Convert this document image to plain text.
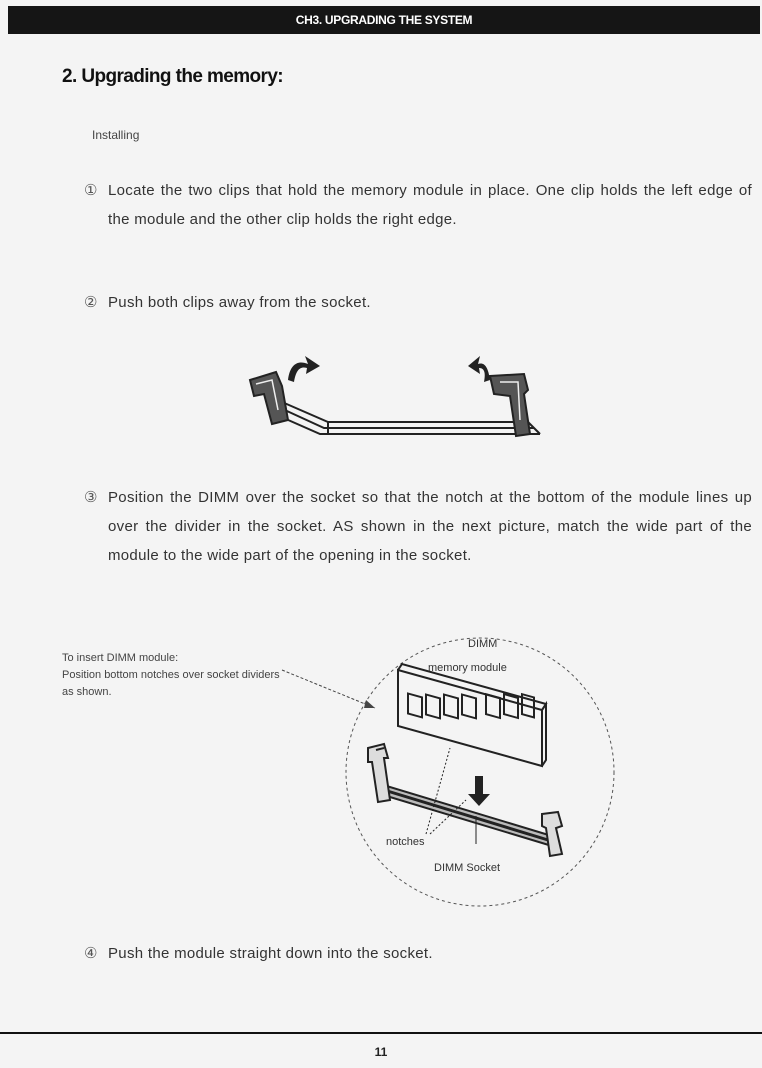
CH3. UPGRADING THE SYSTEM
2. Upgrading the memory:
Installing
① Locate the two clips that hold the memory module in place. One clip holds the left edge of the module and the other clip holds the right edge.
② Push both clips away from the socket.
③ Position the DIMM over the socket so that the notch at the bottom of the module lines up over the divider in the socket. AS shown in the next picture, match the wide part of the module to the wide part of the opening in the socket.
To insert DIMM module:
Position bottom notches over socket dividers as shown.
DIMM
memory module
notches
DIMM Socket
④ Push the module straight down into the socket.
11
